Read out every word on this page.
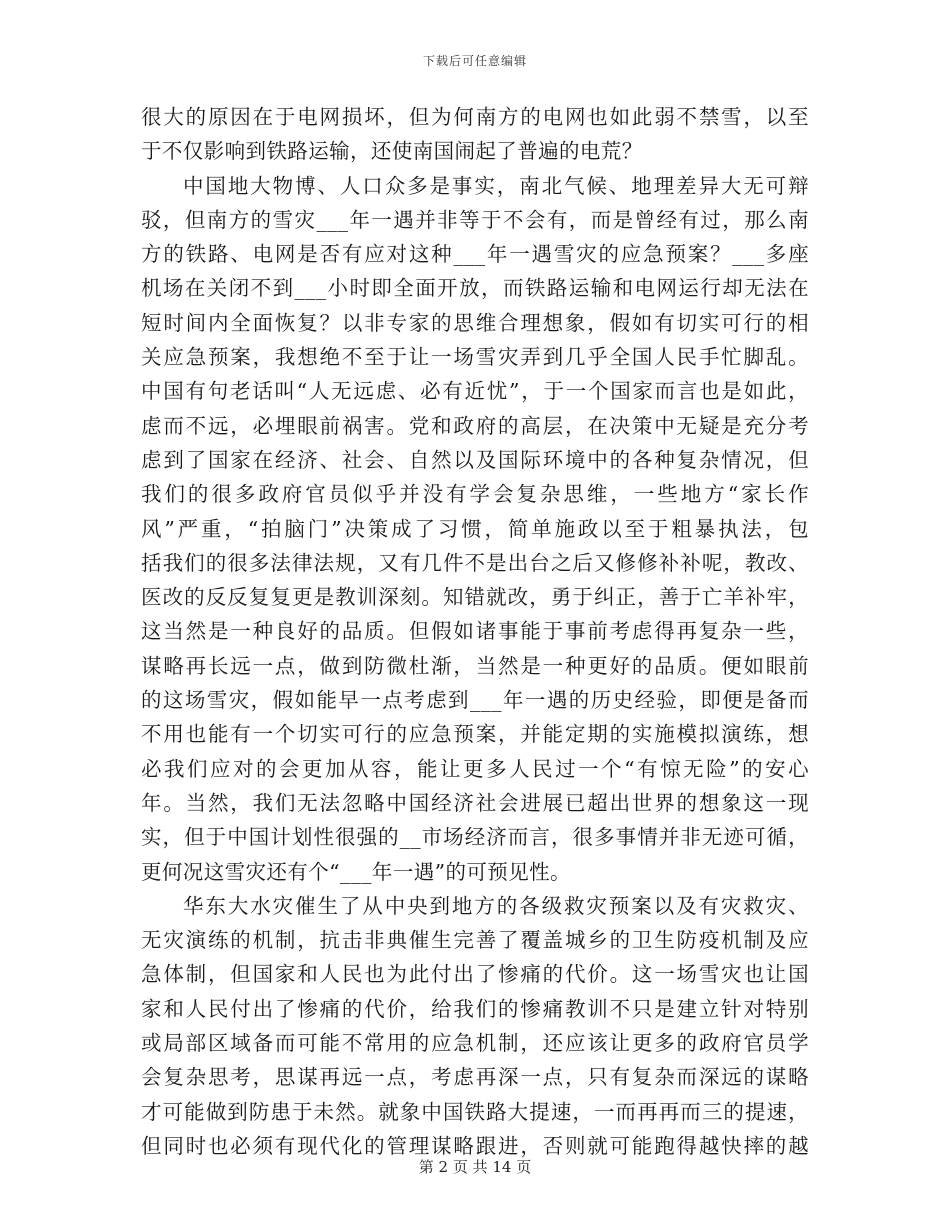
下载后可任意编辑
很大的原因在于电网损坏，但为何南方的电网也如此弱不禁雪，以至
于不仅影响到铁路运输，还使南国闹起了普遍的电荒？
中国地大物博、人口众多是事实，南北气候、地理差异大无可辩
驳，但南方的雪灾___年一遇并非等于不会有，而是曾经有过，那么南
方的铁路、电网是否有应对这种___年一遇雪灾的应急预案？___多座
机场在关闭不到___小时即全面开放，而铁路运输和电网运行却无法在
短时间内全面恢复？以非专家的思维合理想象，假如有切实可行的相
关应急预案，我想绝不至于让一场雪灾弄到几乎全国人民手忙脚乱。
中国有句老话叫“人无远虑、必有近忧”，于一个国家而言也是如此，
虑而不远，必埋眼前祸害。党和政府的高层，在决策中无疑是充分考
虑到了国家在经济、社会、自然以及国际环境中的各种复杂情况，但
我们的很多政府官员似乎并没有学会复杂思维，一些地方“家长作
风”严重，“拍脑门”决策成了习惯，简单施政以至于粗暴执法，包
括我们的很多法律法规，又有几件不是出台之后又修修补补呢，教改、
医改的反反复复更是教训深刻。知错就改，勇于纠正，善于亡羊补牢，
这当然是一种良好的品质。但假如诸事能于事前考虑得再复杂一些，
谋略再长远一点，做到防微杜渐，当然是一种更好的品质。便如眼前
的这场雪灾，假如能早一点考虑到___年一遇的历史经验，即便是备而
不用也能有一个切实可行的应急预案，并能定期的实施模拟演练，想
必我们应对的会更加从容，能让更多人民过一个“有惊无险”的安心
年。当然，我们无法忽略中国经济社会进展已超出世界的想象这一现
实，但于中国计划性很强的__市场经济而言，很多事情并非无迹可循，
更何况这雪灾还有个“___年一遇”的可预见性。
华东大水灾催生了从中央到地方的各级救灾预案以及有灾救灾、
无灾演练的机制，抗击非典催生完善了覆盖城乡的卫生防疫机制及应
急体制，但国家和人民也为此付出了惨痛的代价。这一场雪灾也让国
家和人民付出了惨痛的代价，给我们的惨痛教训不只是建立针对特别
或局部区域备而可能不常用的应急机制，还应该让更多的政府官员学
会复杂思考，思谋再远一点，考虑再深一点，只有复杂而深远的谋略
才可能做到防患于未然。就象中国铁路大提速，一而再再而三的提速，
但同时也必须有现代化的管理谋略跟进，否则就可能跑得越快摔的越
第 2 页 共 14 页
